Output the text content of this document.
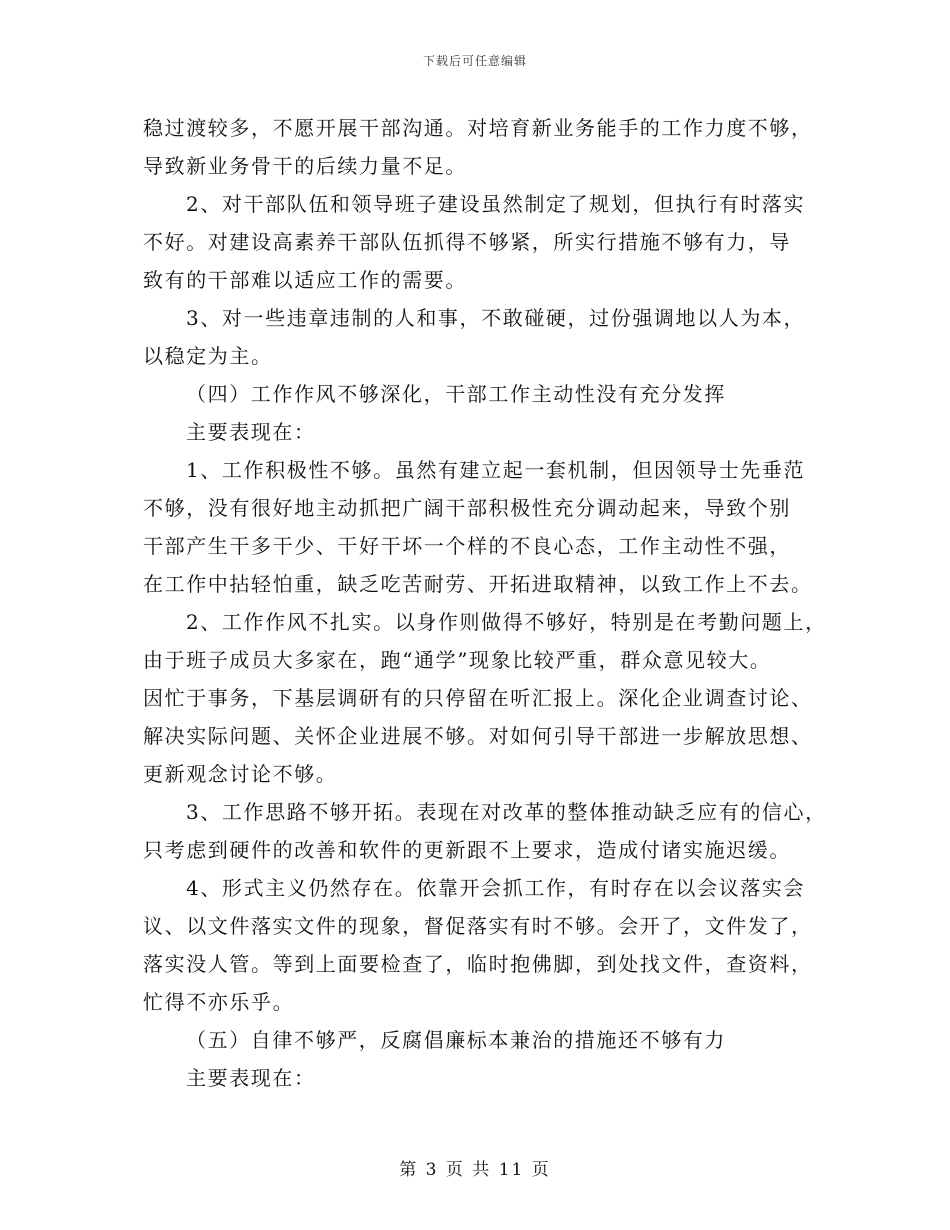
下载后可任意编辑
稳过渡较多，不愿开展干部沟通。对培育新业务能手的工作力度不够，
导致新业务骨干的后续力量不足。
2、对干部队伍和领导班子建设虽然制定了规划，但执行有时落实
不好。对建设高素养干部队伍抓得不够紧，所实行措施不够有力，导
致有的干部难以适应工作的需要。
3、对一些违章违制的人和事，不敢碰硬，过份强调地以人为本，
以稳定为主。
（四）工作作风不够深化，干部工作主动性没有充分发挥
主要表现在：
1、工作积极性不够。虽然有建立起一套机制，但因领导士先垂范
不够，没有很好地主动抓把广阔干部积极性充分调动起来，导致个别
干部产生干多干少、干好干坏一个样的不良心态，工作主动性不强，
在工作中拈轻怕重，缺乏吃苦耐劳、开拓进取精神，以致工作上不去。
2、工作作风不扎实。以身作则做得不够好，特别是在考勤问题上，
由于班子成员大多家在，跑“通学”现象比较严重，群众意见较大。
因忙于事务，下基层调研有的只停留在听汇报上。深化企业调查讨论、
解决实际问题、关怀企业进展不够。对如何引导干部进一步解放思想、
更新观念讨论不够。
3、工作思路不够开拓。表现在对改革的整体推动缺乏应有的信心，
只考虑到硬件的改善和软件的更新跟不上要求，造成付诸实施迟缓。
4、形式主义仍然存在。依靠开会抓工作，有时存在以会议落实会
议、以文件落实文件的现象，督促落实有时不够。会开了，文件发了，
落实没人管。等到上面要检查了，临时抱佛脚，到处找文件，查资料，
忙得不亦乐乎。
（五）自律不够严，反腐倡廉标本兼治的措施还不够有力
主要表现在：
第 3 页 共 11 页
